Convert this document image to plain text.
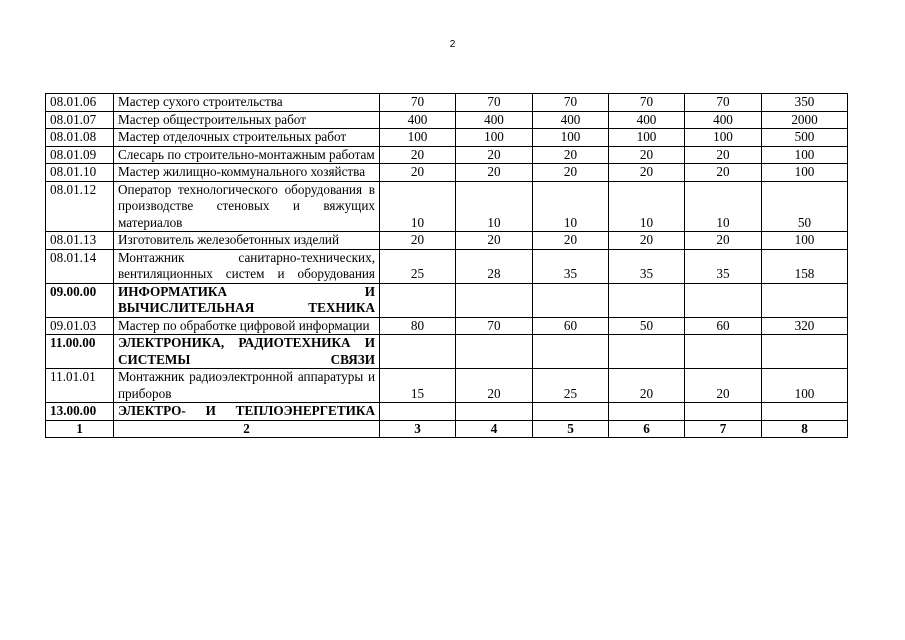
2
08.01.06	Мастер сухого строительства	70	70	70	70	70	350
08.01.07	Мастер общестроительных работ	400	400	400	400	400	2000
08.01.08	Мастер отделочных строительных работ	100	100	100	100	100	500
08.01.09	Слесарь по строительно-монтажным работам	20	20	20	20	20	100
08.01.10	Мастер жилищно-коммунального хозяйства	20	20	20	20	20	100
08.01.12	Оператор технологического оборудования в производстве стеновых и вяжущих материалов	10	10	10	10	10	50
08.01.13	Изготовитель железобетонных изделий	20	20	20	20	20	100
08.01.14	Монтажник санитарно-технических, вентиляционных систем и оборудования	25	28	35	35	35	158
09.00.00	ИНФОРМАТИКА И ВЫЧИСЛИТЕЛЬНАЯ ТЕХНИКА						
09.01.03	Мастер по обработке цифровой информации	80	70	60	50	60	320
11.00.00	ЭЛЕКТРОНИКА, РАДИОТЕХНИКА И СИСТЕМЫ СВЯЗИ						
11.01.01	Монтажник радиоэлектронной аппаратуры и приборов	15	20	25	20	20	100
13.00.00	ЭЛЕКТРО- И ТЕПЛОЭНЕРГЕТИКА						
1	2	3	4	5	6	7	8
